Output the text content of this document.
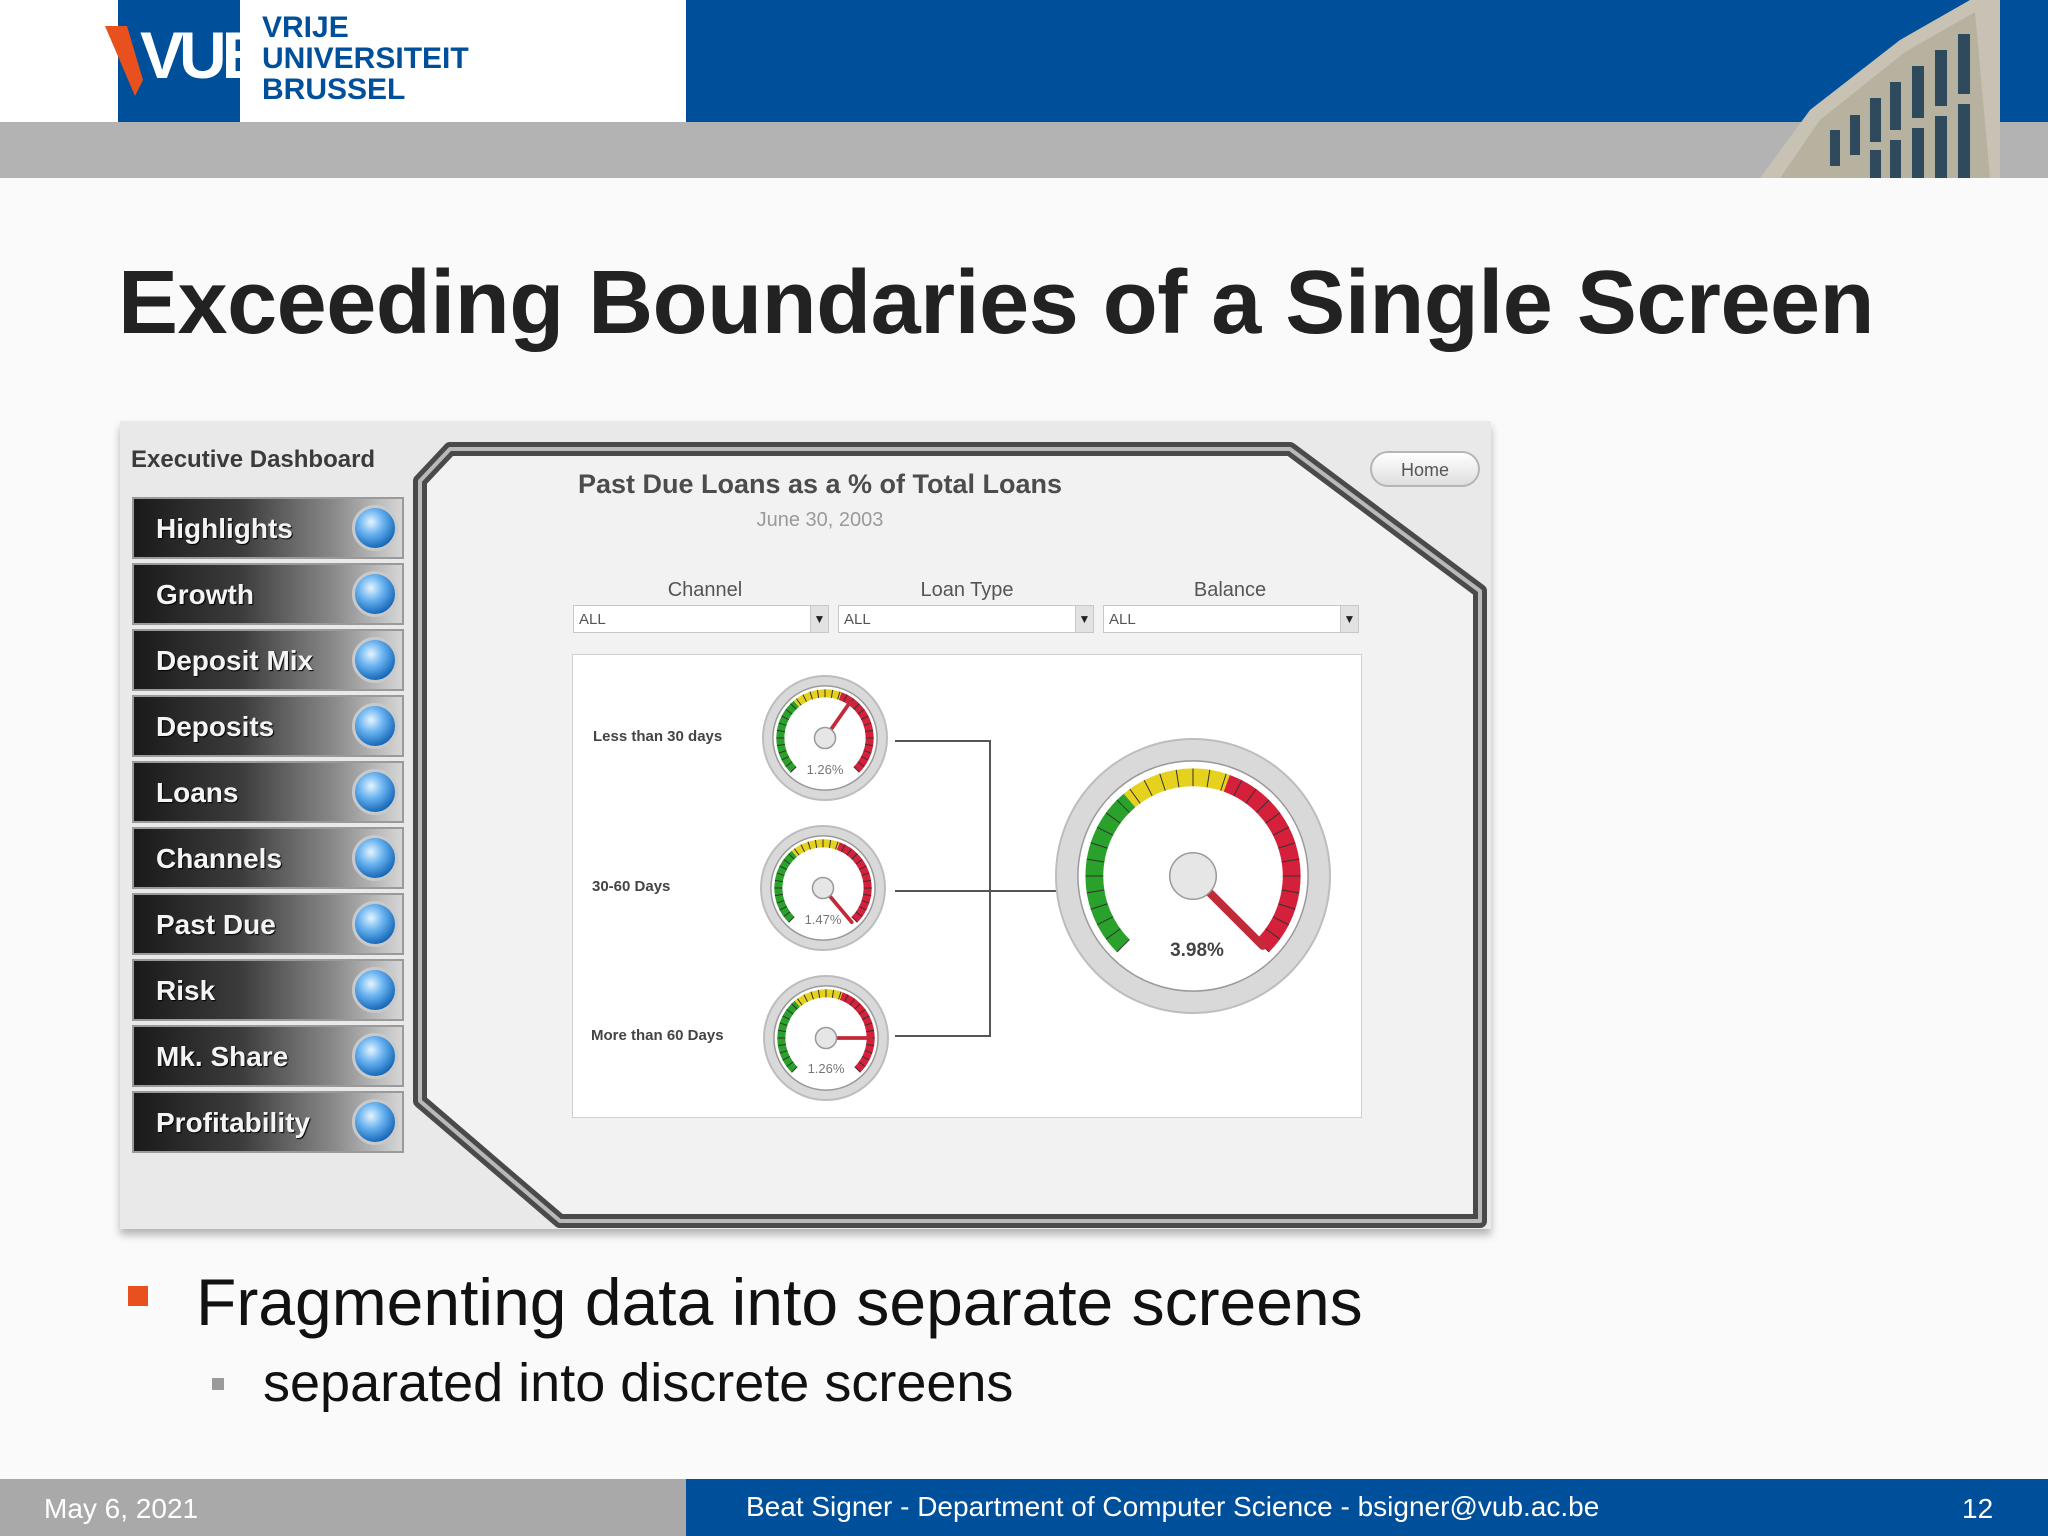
VUB
VRIJE
UNIVERSITEIT
BRUSSEL
Exceeding Boundaries of a Single Screen
Executive Dashboard
Highlights
Growth
Deposit Mix
Deposits
Loans
Channels
Past Due
Risk
Mk. Share
Profitability
Home
Past Due Loans as a % of Total Loans
June 30, 2003
Channel	Loan Type	Balance
ALL	▼ ALL	▼ ALL	▼
Less than 30 days
30-60 Days
More than 60 Days
1.26%
1.47%
1.26%
3.98%

Fragmenting data into separate screens

separated into discrete screens

May 6, 2021	Beat Signer - Department of Computer Science - bsigner@vub.ac.be	12
